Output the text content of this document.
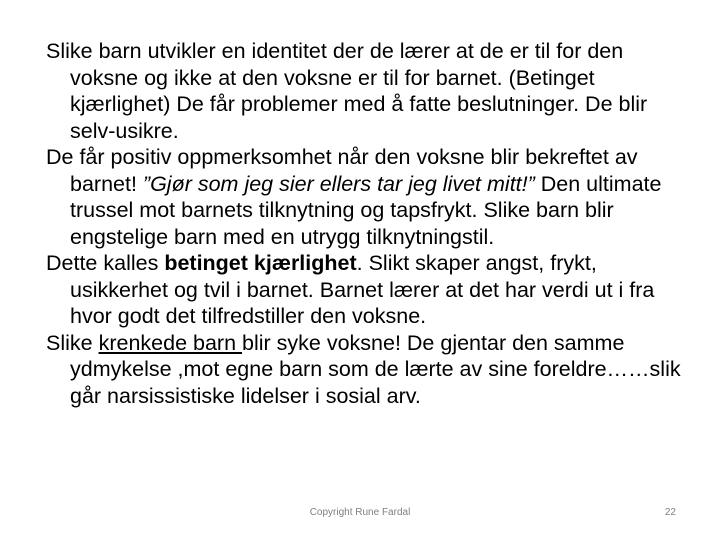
Slike barn utvikler en identitet der de lærer at de er til for den voksne og ikke at den voksne er til for barnet. (Betinget kjærlighet) De får problemer med å fatte beslutninger. De blir selv-usikre.

De får positiv oppmerksomhet når den voksne blir bekreftet av barnet! ”Gjør som jeg sier ellers tar jeg livet mitt!” Den ultimate trussel mot barnets tilknytning og tapsfrykt. Slike barn blir engstelige barn med en utrygg tilknytningstil.

Dette kalles betinget kjærlighet. Slikt skaper angst, frykt, usikkerhet og tvil i barnet. Barnet lærer at det har verdi ut i fra hvor godt det tilfredstiller den voksne.

Slike krenkede barn blir syke voksne! De gjentar den samme ydmykelse ,mot egne barn som de lærte av sine foreldre……slik går narsissistiske lidelser i sosial arv.

Copyright Rune Fardal	22
